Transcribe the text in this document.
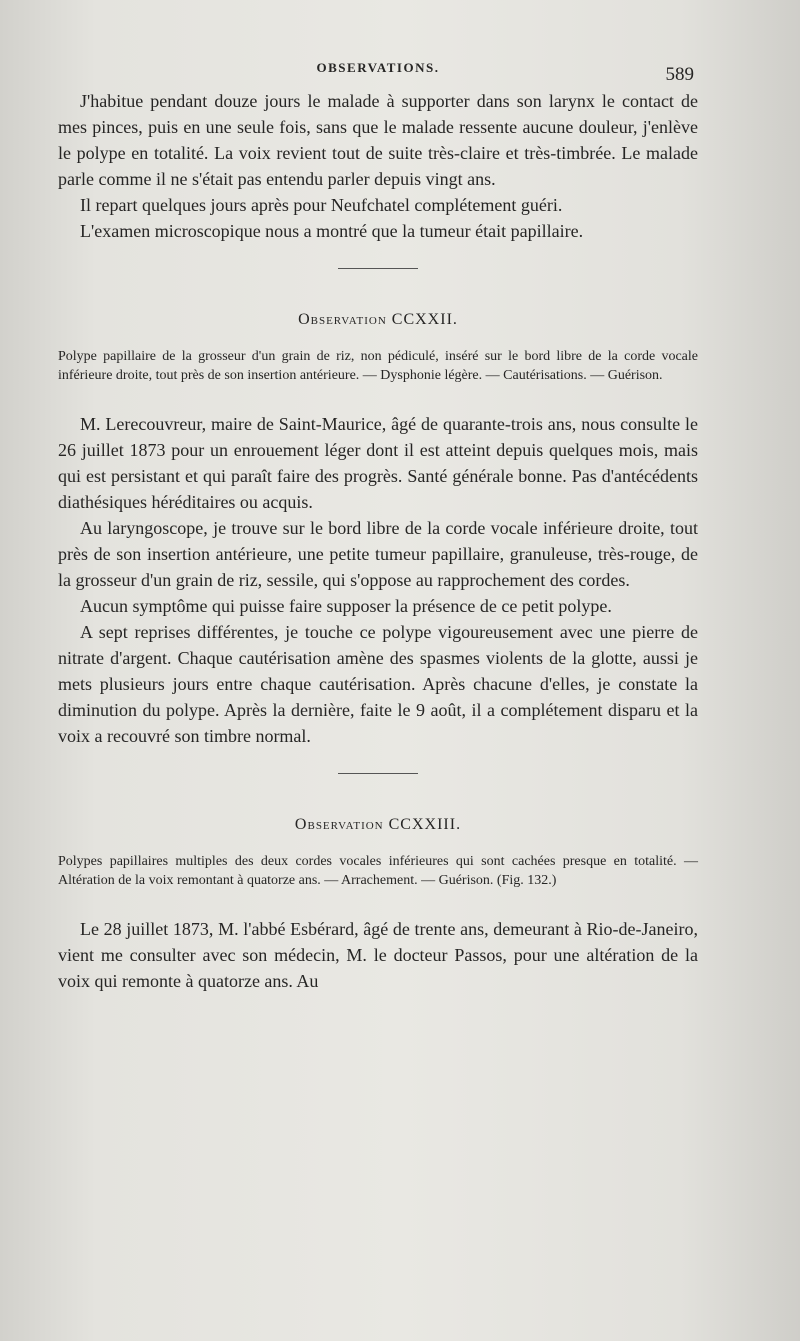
OBSERVATIONS.	589

J'habitue pendant douze jours le malade à supporter dans son larynx le contact de mes pinces, puis en une seule fois, sans que le malade ressente aucune douleur, j'enlève le polype en totalité. La voix revient tout de suite très-claire et très-timbrée. Le malade parle comme il ne s'était pas entendu parler depuis vingt ans.

Il repart quelques jours après pour Neufchatel complétement guéri.

L'examen microscopique nous a montré que la tumeur était papillaire.

Observation CCXXII.

Polype papillaire de la grosseur d'un grain de riz, non pédiculé, inséré sur le bord libre de la corde vocale inférieure droite, tout près de son insertion antérieure. — Dysphonie légère. — Cautérisations. — Guérison.

M. Lerecouvreur, maire de Saint-Maurice, âgé de quarante-trois ans, nous consulte le 26 juillet 1873 pour un enrouement léger dont il est atteint depuis quelques mois, mais qui est persistant et qui paraît faire des progrès. Santé générale bonne. Pas d'antécédents diathésiques héréditaires ou acquis.

Au laryngoscope, je trouve sur le bord libre de la corde vocale inférieure droite, tout près de son insertion antérieure, une petite tumeur papillaire, granuleuse, très-rouge, de la grosseur d'un grain de riz, sessile, qui s'oppose au rapprochement des cordes.

Aucun symptôme qui puisse faire supposer la présence de ce petit polype.

A sept reprises différentes, je touche ce polype vigoureusement avec une pierre de nitrate d'argent. Chaque cautérisation amène des spasmes violents de la glotte, aussi je mets plusieurs jours entre chaque cautérisation. Après chacune d'elles, je constate la diminution du polype. Après la dernière, faite le 9 août, il a complétement disparu et la voix a recouvré son timbre normal.

Observation CCXXIII.

Polypes papillaires multiples des deux cordes vocales inférieures qui sont cachées presque en totalité. — Altération de la voix remontant à quatorze ans. — Arrachement. — Guérison. (Fig. 132.)

Le 28 juillet 1873, M. l'abbé Esbérard, âgé de trente ans, demeurant à Rio-de-Janeiro, vient me consulter avec son médecin, M. le docteur Passos, pour une altération de la voix qui remonte à quatorze ans. Au
